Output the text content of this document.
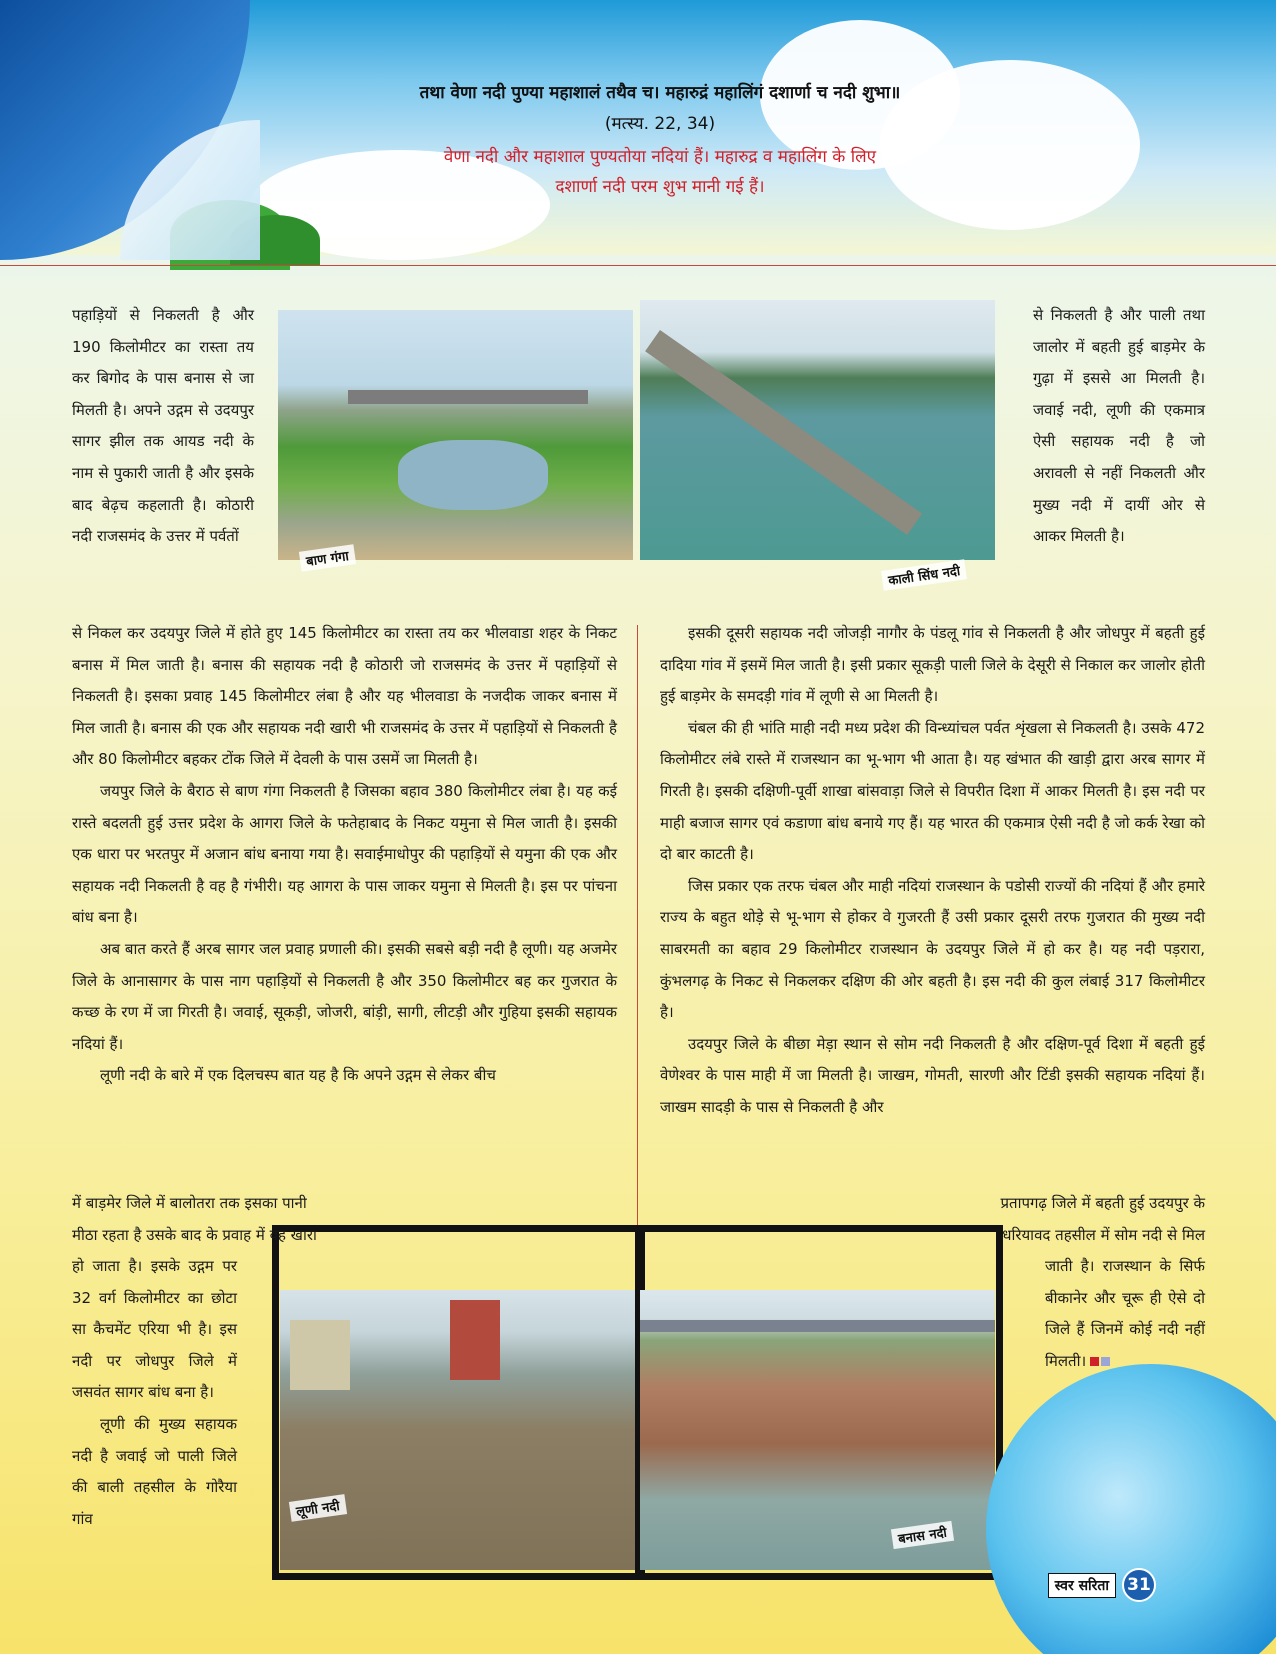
तथा वेणा नदी पुण्या महाशालं तथैव च। महारुद्रं महालिंगं दशार्णा च नदी शुभा॥
(मत्स्य. 22, 34)
वेणा नदी और महाशाल पुण्यतोया नदियां हैं। महारुद्र व महालिंग के लिए
दशार्णा नदी परम शुभ मानी गई हैं।
बाण गंगा
काली सिंध नदी
लूणी नदी
बनास नदी
पहाड़ियों से निकलती है और 190 किलोमीटर का रास्ता तय कर बिगोद के पास बनास से जा मिलती है। अपने उद्गम से उदयपुर सागर झील तक आयड नदी के नाम से पुकारी जाती है और इसके बाद बेढ़च कहलाती है। कोठारी नदी राजसमंद के उत्तर में पर्वतों

से निकल कर उदयपुर जिले में होते हुए 145 किलोमीटर का रास्ता तय कर भीलवाडा शहर के निकट बनास में मिल जाती है। बनास की सहायक नदी है कोठारी जो राजसमंद के उत्तर में पहाड़ियों से निकलती है। इसका प्रवाह 145 किलोमीटर लंबा है और यह भीलवाडा के नजदीक जाकर बनास में मिल जाती है। बनास की एक और सहायक नदी खारी भी राजसमंद के उत्तर में पहाड़ियों से निकलती है और 80 किलोमीटर बहकर टोंक जिले में देवली के पास उसमें जा मिलती है।

जयपुर जिले के बैराठ से बाण गंगा निकलती है जिसका बहाव 380 किलोमीटर लंबा है। यह कई रास्ते बदलती हुई उत्तर प्रदेश के आगरा जिले के फतेहाबाद के निकट यमुना से मिल जाती है। इसकी एक धारा पर भरतपुर में अजान बांध बनाया गया है। सवाईमाधोपुर की पहाड़ियों से यमुना की एक और सहायक नदी निकलती है वह है गंभीरी। यह आगरा के पास जाकर यमुना से मिलती है। इस पर पांचना बांध बना है।

अब बात करते हैं अरब सागर जल प्रवाह प्रणाली की। इसकी सबसे बड़ी नदी है लूणी। यह अजमेर जिले के आनासागर के पास नाग पहाड़ियों से निकलती है और 350 किलोमीटर बह कर गुजरात के कच्छ के रण में जा गिरती है। जवाई, सूकड़ी, जोजरी, बांड़ी, सागी, लीटड़ी और गुहिया इसकी सहायक नदियां हैं।

लूणी नदी के बारे में एक दिलचस्प बात यह है कि अपने उद्गम से लेकर बीच

में बाड़मेर जिले में बालोतरा तक इसका पानी
मीठा रहता है उसके बाद के प्रवाह में वह खारा

हो जाता है। इसके उद्गम पर 32 वर्ग किलोमीटर का छोटा सा कैचमेंट एरिया भी है। इस नदी पर जोधपुर जिले में जसवंत सागर बांध बना है।

लूणी की मुख्य सहायक नदी है जवाई जो पाली जिले की बाली तहसील के गोरैया गांव

से निकलती है और पाली तथा जालोर में बहती हुई बाड़मेर के गुढ़ा में इससे आ मिलती है। जवाई नदी, लूणी की एकमात्र ऐसी सहायक नदी है जो अरावली से नहीं निकलती और मुख्य नदी में दायीं ओर से आकर मिलती है।

इसकी दूसरी सहायक नदी जोजड़ी नागौर के पंडलू गांव से निकलती है और जोधपुर में बहती हुई दादिया गांव में इसमें मिल जाती है। इसी प्रकार सूकड़ी पाली जिले के देसूरी से निकाल कर जालोर होती हुई बाड़मेर के समदड़ी गांव में लूणी से आ मिलती है।

चंबल की ही भांति माही नदी मध्य प्रदेश की विन्ध्यांचल पर्वत शृंखला से निकलती है। उसके 472 किलोमीटर लंबे रास्ते में राजस्थान का भू-भाग भी आता है। यह खंभात की खाड़ी द्वारा अरब सागर में गिरती है। इसकी दक्षिणी-पूर्वी शाखा बांसवाड़ा जिले से विपरीत दिशा में आकर मिलती है। इस नदी पर माही बजाज सागर एवं कडाणा बांध बनाये गए हैं। यह भारत की एकमात्र ऐसी नदी है जो कर्क रेखा को दो बार काटती है।

जिस प्रकार एक तरफ चंबल और माही नदियां राजस्थान के पडोसी राज्यों की नदियां हैं और हमारे राज्य के बहुत थोड़े से भू-भाग से होकर वे गुजरती हैं उसी प्रकार दूसरी तरफ गुजरात की मुख्य नदी साबरमती का बहाव 29 किलोमीटर राजस्थान के उदयपुर जिले में हो कर है। यह नदी पड़रारा, कुंभलगढ़ के निकट से निकलकर दक्षिण की ओर बहती है। इस नदी की कुल लंबाई 317 किलोमीटर है।

उदयपुर जिले के बीछा मेड़ा स्थान से सोम नदी निकलती है और दक्षिण-पूर्व दिशा में बहती हुई वेणेश्वर के पास माही में जा मिलती है। जाखम, गोमती, सारणी और टिंडी इसकी सहायक नदियां हैं। जाखम सादड़ी के पास से निकलती है और

प्रतापगढ़ जिले में बहती हुई उदयपुर के
धरियावद तहसील में सोम नदी से मिल
जाती है। राजस्थान के सिर्फ बीकानेर और चूरू ही ऐसे दो जिले हैं जिनमें कोई नदी नहीं मिलती।
स्वर सरिता	31
